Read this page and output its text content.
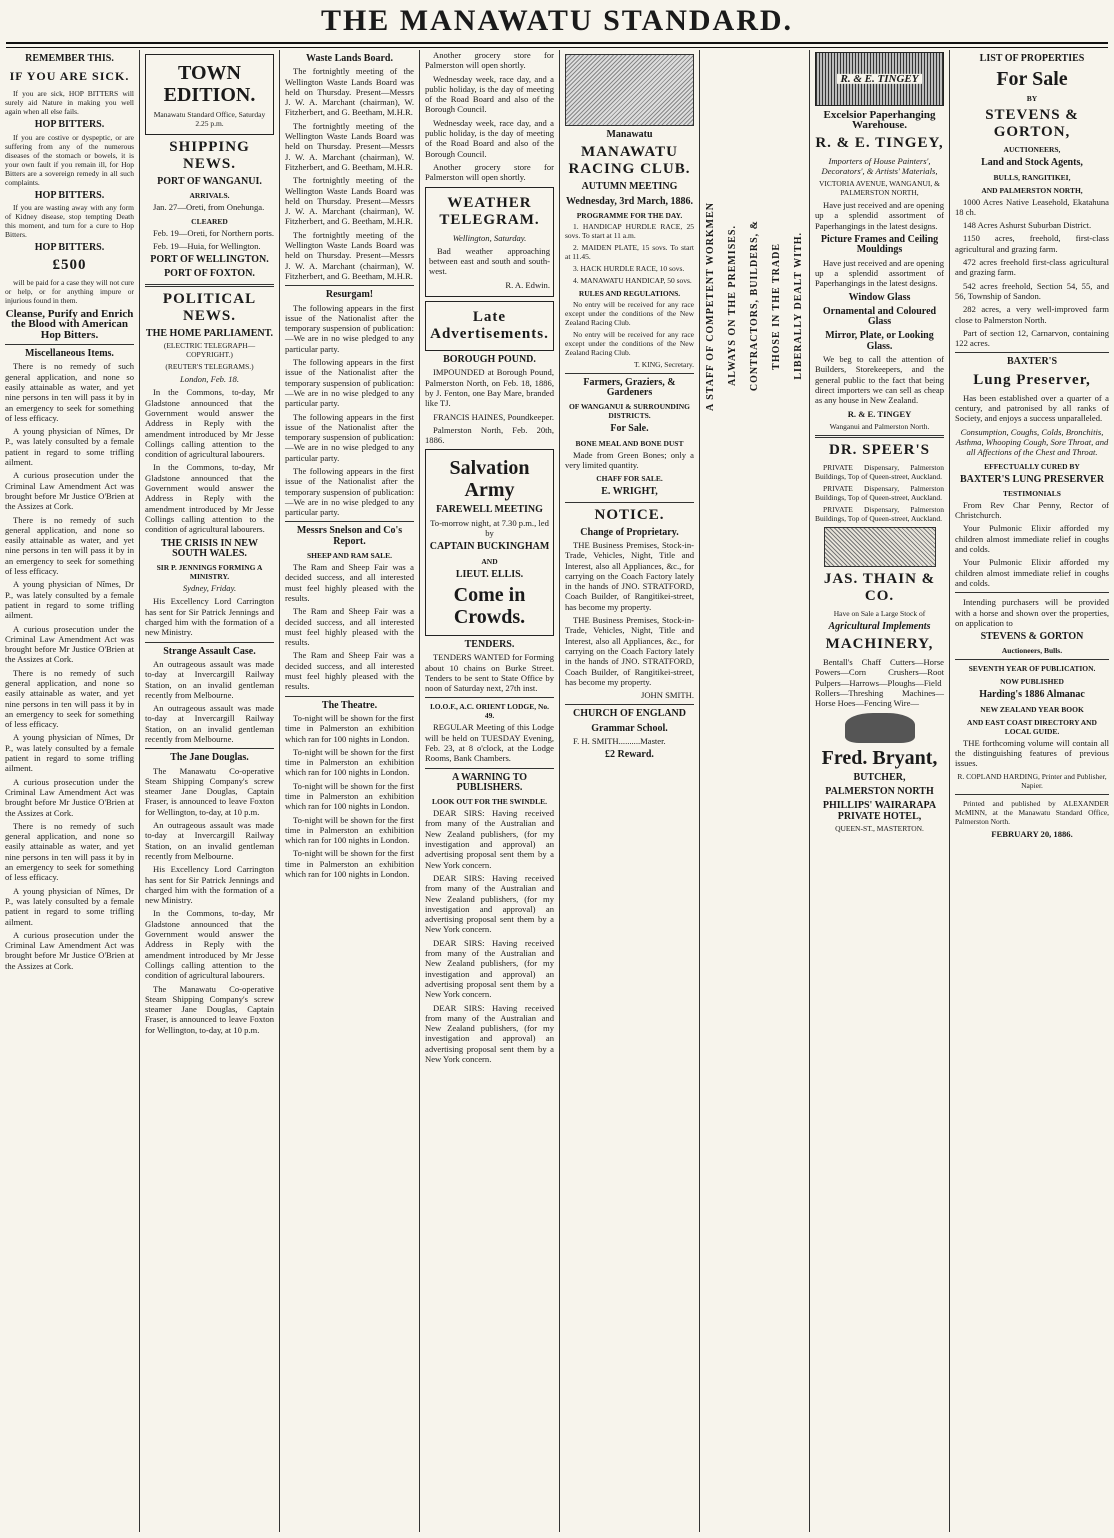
THE MANAWATU STANDARD.
REMEMBER THIS.
IF YOU ARE SICK.

If you are sick, HOP BITTERS will surely aid Nature in making you well again when all else fails.

HOP BITTERS.

If you are costive or dyspeptic, or are suffering from any of the numerous diseases of the stomach or bowels, it is your own fault if you remain ill, for Hop Bitters are a sovereign remedy in all such complaints.

HOP BITTERS.

If you are wasting away with any form of Kidney disease, stop tempting Death this moment, and turn for a cure to Hop Bitters.

HOP BITTERS.
£500

will be paid for a case they will not cure or help, or for anything impure or injurious found in them.

Cleanse, Purify and Enrich the Blood with American Hop Bitters.
Miscellaneous Items.

There is no remedy of such general application, and none so easily attainable as water, and yet nine persons in ten will pass it by in an emergency to seek for something of less efficacy.

A young physician of Nîmes, Dr P., was lately consulted by a female patient in regard to some trifling ailment.

A curious prosecution under the Criminal Law Amendment Act was brought before Mr Justice O'Brien at the Assizes at Cork.

There is no remedy of such general application, and none so easily attainable as water, and yet nine persons in ten will pass it by in an emergency to seek for something of less efficacy.

A young physician of Nîmes, Dr P., was lately consulted by a female patient in regard to some trifling ailment.

A curious prosecution under the Criminal Law Amendment Act was brought before Mr Justice O'Brien at the Assizes at Cork.

There is no remedy of such general application, and none so easily attainable as water, and yet nine persons in ten will pass it by in an emergency to seek for something of less efficacy.

A young physician of Nîmes, Dr P., was lately consulted by a female patient in regard to some trifling ailment.

A curious prosecution under the Criminal Law Amendment Act was brought before Mr Justice O'Brien at the Assizes at Cork.

There is no remedy of such general application, and none so easily attainable as water, and yet nine persons in ten will pass it by in an emergency to seek for something of less efficacy.

A young physician of Nîmes, Dr P., was lately consulted by a female patient in regard to some trifling ailment.

A curious prosecution under the Criminal Law Amendment Act was brought before Mr Justice O'Brien at the Assizes at Cork.

TOWN EDITION.

Manawatu Standard Office, Saturday 2.25 p.m.

SHIPPING NEWS.
PORT OF WANGANUI.
ARRIVALS.

Jan. 27—Oreti, from Onehunga.

CLEARED

Feb. 19—Oreti, for Northern ports.

Feb. 19—Huia, for Wellington.

PORT OF WELLINGTON.
PORT OF FOXTON.
POLITICAL NEWS.
THE HOME PARLIAMENT.

(ELECTRIC TELEGRAPH—COPYRIGHT.)

(REUTER'S TELEGRAMS.)

London, Feb. 18.

In the Commons, to-day, Mr Gladstone announced that the Government would answer the Address in Reply with the amendment introduced by Mr Jesse Collings calling attention to the condition of agricultural labourers.

In the Commons, to-day, Mr Gladstone announced that the Government would answer the Address in Reply with the amendment introduced by Mr Jesse Collings calling attention to the condition of agricultural labourers.

THE CRISIS IN NEW SOUTH WALES.
SIR P. JENNINGS FORMING A MINISTRY.

Sydney, Friday.

His Excellency Lord Carrington has sent for Sir Patrick Jennings and charged him with the formation of a new Ministry.

Strange Assault Case.

An outrageous assault was made to-day at Invercargill Railway Station, on an invalid gentleman recently from Melbourne.

An outrageous assault was made to-day at Invercargill Railway Station, on an invalid gentleman recently from Melbourne.

The Jane Douglas.

The Manawatu Co-operative Steam Shipping Company's screw steamer Jane Douglas, Captain Fraser, is announced to leave Foxton for Wellington, to-day, at 10 p.m.

An outrageous assault was made to-day at Invercargill Railway Station, on an invalid gentleman recently from Melbourne.

His Excellency Lord Carrington has sent for Sir Patrick Jennings and charged him with the formation of a new Ministry.

In the Commons, to-day, Mr Gladstone announced that the Government would answer the Address in Reply with the amendment introduced by Mr Jesse Collings calling attention to the condition of agricultural labourers.

The Manawatu Co-operative Steam Shipping Company's screw steamer Jane Douglas, Captain Fraser, is announced to leave Foxton for Wellington, to-day, at 10 p.m.

Waste Lands Board.

The fortnightly meeting of the Wellington Waste Lands Board was held on Thursday. Present—Messrs J. W. A. Marchant (chairman), W. Fitzherbert, and G. Beetham, M.H.R.

The fortnightly meeting of the Wellington Waste Lands Board was held on Thursday. Present—Messrs J. W. A. Marchant (chairman), W. Fitzherbert, and G. Beetham, M.H.R.

The fortnightly meeting of the Wellington Waste Lands Board was held on Thursday. Present—Messrs J. W. A. Marchant (chairman), W. Fitzherbert, and G. Beetham, M.H.R.

The fortnightly meeting of the Wellington Waste Lands Board was held on Thursday. Present—Messrs J. W. A. Marchant (chairman), W. Fitzherbert, and G. Beetham, M.H.R.

Resurgam!

The following appears in the first issue of the Nationalist after the temporary suspension of publication:—We are in no wise pledged to any particular party.

The following appears in the first issue of the Nationalist after the temporary suspension of publication:—We are in no wise pledged to any particular party.

The following appears in the first issue of the Nationalist after the temporary suspension of publication:—We are in no wise pledged to any particular party.

The following appears in the first issue of the Nationalist after the temporary suspension of publication:—We are in no wise pledged to any particular party.

Messrs Snelson and Co's Report.
SHEEP AND RAM SALE.

The Ram and Sheep Fair was a decided success, and all interested must feel highly pleased with the results.

The Ram and Sheep Fair was a decided success, and all interested must feel highly pleased with the results.

The Ram and Sheep Fair was a decided success, and all interested must feel highly pleased with the results.

The Theatre.

To-night will be shown for the first time in Palmerston an exhibition which ran for 100 nights in London.

To-night will be shown for the first time in Palmerston an exhibition which ran for 100 nights in London.

To-night will be shown for the first time in Palmerston an exhibition which ran for 100 nights in London.

To-night will be shown for the first time in Palmerston an exhibition which ran for 100 nights in London.

To-night will be shown for the first time in Palmerston an exhibition which ran for 100 nights in London.

Another grocery store for Palmerston will open shortly.

Wednesday week, race day, and a public holiday, is the day of meeting of the Road Board and also of the Borough Council.

Wednesday week, race day, and a public holiday, is the day of meeting of the Road Board and also of the Borough Council.

Another grocery store for Palmerston will open shortly.

WEATHER TELEGRAM.

Wellington, Saturday.

Bad weather approaching between east and south and south-west.

R. A. Edwin.

Late Advertisements.
BOROUGH POUND.

IMPOUNDED at Borough Pound, Palmerston North, on Feb. 18, 1886, by J. Fenton, one Bay Mare, branded like TJ.

FRANCIS HAINES, Poundkeeper.

Palmerston North, Feb. 20th, 1886.

Salvation Army
FAREWELL MEETING

To-morrow night, at 7.30 p.m., led by

CAPTAIN BUCKINGHAM
AND
LIEUT. ELLIS.
Come in Crowds.
TENDERS.

TENDERS WANTED for Forming about 10 chains on Burke Street. Tenders to be sent to State Office by noon of Saturday next, 27th inst.

I.O.O.F., A.C. ORIENT LODGE, No. 49.

REGULAR Meeting of this Lodge will be held on TUESDAY Evening, Feb. 23, at 8 o'clock, at the Lodge Rooms, Bank Chambers.

A WARNING TO PUBLISHERS.
LOOK OUT FOR THE SWINDLE.

DEAR SIRS: Having received from many of the Australian and New Zealand publishers, (for my investigation and approval) an advertising proposal sent them by a New York concern.

DEAR SIRS: Having received from many of the Australian and New Zealand publishers, (for my investigation and approval) an advertising proposal sent them by a New York concern.

DEAR SIRS: Having received from many of the Australian and New Zealand publishers, (for my investigation and approval) an advertising proposal sent them by a New York concern.

DEAR SIRS: Having received from many of the Australian and New Zealand publishers, (for my investigation and approval) an advertising proposal sent them by a New York concern.

Manawatu
MANAWATU RACING CLUB.
AUTUMN MEETING
Wednesday, 3rd March, 1886.
PROGRAMME FOR THE DAY.

1. HANDICAP HURDLE RACE, 25 sovs. To start at 11 a.m.

2. MAIDEN PLATE, 15 sovs. To start at 11.45.

3. HACK HURDLE RACE, 10 sovs.

4. MANAWATU HANDICAP, 50 sovs.

RULES AND REGULATIONS.

No entry will be received for any race except under the conditions of the New Zealand Racing Club.

No entry will be received for any race except under the conditions of the New Zealand Racing Club.

T. KING, Secretary.

Farmers, Graziers, & Gardeners
OF WANGANUI & SURROUNDING DISTRICTS.
For Sale.
BONE MEAL AND BONE DUST

Made from Green Bones; only a very limited quantity.

CHAFF FOR SALE.
E. WRIGHT,
NOTICE.
Change of Proprietary.

THE Business Premises, Stock-in-Trade, Vehicles, Night, Title and Interest, also all Appliances, &c., for carrying on the Coach Factory lately in the hands of JNO. STRATFORD, Coach Builder, of Rangitikei-street, has become my property.

THE Business Premises, Stock-in-Trade, Vehicles, Night, Title and Interest, also all Appliances, &c., for carrying on the Coach Factory lately in the hands of JNO. STRATFORD, Coach Builder, of Rangitikei-street, has become my property.

JOHN SMITH.

CHURCH OF ENGLAND
Grammar School.

F. H. SMITH..........Master.

£2 Reward.
A STAFF OF COMPETENT WORKMEN ALWAYS ON THE PREMISES. CONTRACTORS, BUILDERS, & THOSE IN THE TRADE LIBERALLY DEALT WITH.
R. & E. TINGEY
Excelsior Paperhanging Warehouse.
R. & E. TINGEY,

Importers of House Painters', Decorators', & Artists' Materials,

VICTORIA AVENUE, WANGANUI, & PALMERSTON NORTH,

Have just received and are opening up a splendid assortment of Paperhangings in the latest designs.

Picture Frames and Ceiling Mouldings

Have just received and are opening up a splendid assortment of Paperhangings in the latest designs.

Window Glass
Ornamental and Coloured Glass
Mirror, Plate, or Looking Glass.

We beg to call the attention of Builders, Storekeepers, and the general public to the fact that being direct importers we can sell as cheap as any house in New Zealand.

R. & E. TINGEY

Wanganui and Palmerston North.

DR. SPEER'S

PRIVATE Dispensary, Palmerston Buildings, Top of Queen-street, Auckland.

PRIVATE Dispensary, Palmerston Buildings, Top of Queen-street, Auckland.

PRIVATE Dispensary, Palmerston Buildings, Top of Queen-street, Auckland.

JAS. THAIN & CO.

Have on Sale a Large Stock of

Agricultural Implements
MACHINERY,

Bentall's Chaff Cutters—Horse Powers—Corn Crushers—Root Pulpers—Harrows—Ploughs—Field Rollers—Threshing Machines—Horse Hoes—Fencing Wire—

Fred. Bryant,
BUTCHER,
PALMERSTON NORTH
PHILLIPS' WAIRARAPA PRIVATE HOTEL,

QUEEN-ST., MASTERTON.

LIST OF PROPERTIES
For Sale
BY
STEVENS & GORTON,
AUCTIONEERS,
Land and Stock Agents,
BULLS, RANGITIKEI,
AND PALMERSTON NORTH,

1000 Acres Native Leasehold, Ekatahuna 18 ch.

148 Acres Ashurst Suburban District.

1150 acres, freehold, first-class agricultural and grazing farm.

472 acres freehold first-class agricultural and grazing farm.

542 acres freehold, Section 54, 55, and 56, Township of Sandon.

282 acres, a very well-improved farm close to Palmerston North.

Part of section 12, Carnarvon, containing 122 acres.

BAXTER'S
Lung Preserver,

Has been established over a quarter of a century, and patronised by all ranks of Society, and enjoys a success unparalleled.

Consumption, Coughs, Colds, Bronchitis, Asthma, Whooping Cough, Sore Throat, and all Affections of the Chest and Throat.

EFFECTUALLY CURED BY
BAXTER'S LUNG PRESERVER
TESTIMONIALS

From Rev Char Penny, Rector of Christchurch.

Your Pulmonic Elixir afforded my children almost immediate relief in coughs and colds.

Your Pulmonic Elixir afforded my children almost immediate relief in coughs and colds.

Intending purchasers will be provided with a horse and shown over the properties, on application to

STEVENS & GORTON
Auctioneers, Bulls.
SEVENTH YEAR OF PUBLICATION.
NOW PUBLISHED
Harding's 1886 Almanac
NEW ZEALAND YEAR BOOK
AND EAST COAST DIRECTORY AND LOCAL GUIDE.

THE forthcoming volume will contain all the distinguishing features of previous issues.

R. COPLAND HARDING, Printer and Publisher, Napier.

Printed and published by ALEXANDER McMINN, at the Manawatu Standard Office, Palmerston North.

FEBRUARY 20, 1886.
